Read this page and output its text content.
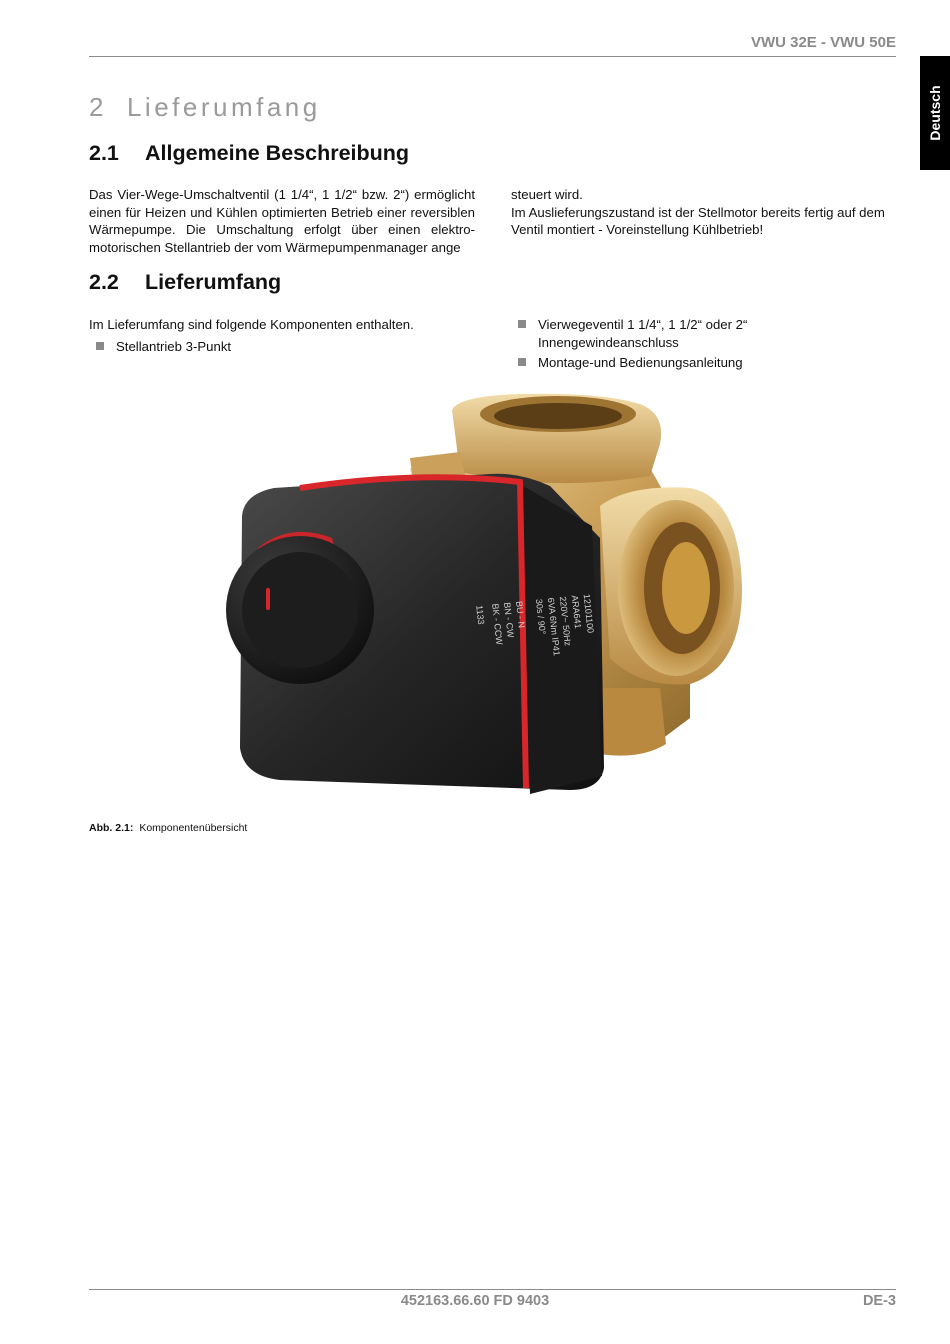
VWU 32E - VWU 50E
Deutsch
2 Lieferumfang
2.1 Allgemeine Beschreibung

Das Vier-Wege-Umschaltventil (1 1/4“, 1 1/2“ bzw. 2“) ermöglicht einen für Heizen und Kühlen optimierten Betrieb einer reversiblen Wärmepumpe. Die Umschaltung erfolgt über einen elektromotorischen Stellantrieb der vom Wärmepumpenmanager ange

steuert wird.
Im Auslieferungszustand ist der Stellmotor bereits fertig auf dem Ventil montiert - Voreinstellung Kühlbetrieb!
2.2 Lieferumfang

Im Lieferumfang sind folgende Komponenten enthalten.

Stellantrieb 3-Punkt
Vierwegeventil 1 1/4“, 1 1/2“ oder 2“ Innengewindeanschluss
Montage-und Bedienungsanleitung
12101100
ARA641
220V~ 50Hz
6VA 6Nm IP41
30s / 90°
BU - N
BN - CW
BK - CCW
1133
Abb. 2.1: Komponentenübersicht
452163.66.60 FD 9403	DE-3
